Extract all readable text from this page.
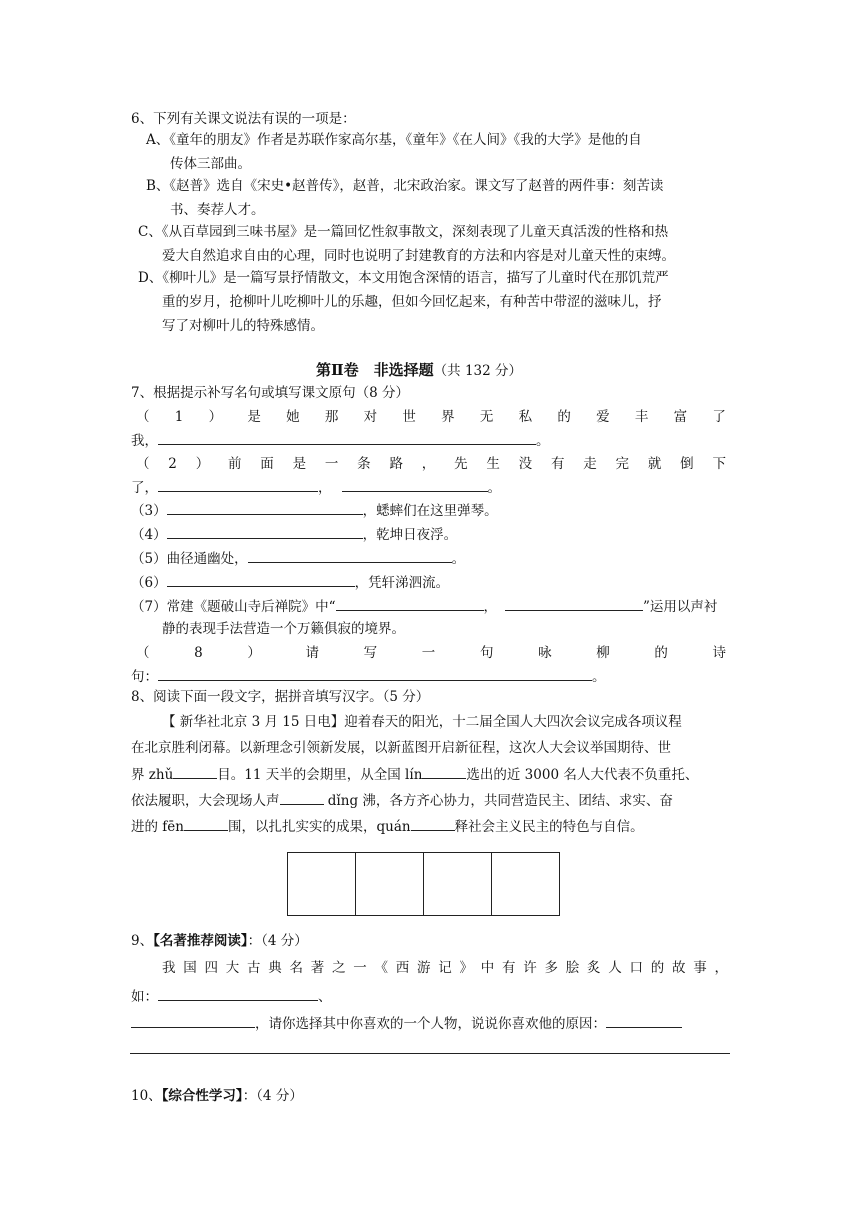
6、下列有关课文说法有误的一项是：
A、《童年的朋友》作者是苏联作家高尔基，《童年》《在人间》《我的大学》是他的自
传体三部曲。
B、《赵普》选自《宋史•赵普传》，赵普，北宋政治家。课文写了赵普的两件事：刻苦读
书、奏荐人才。
C、《从百草园到三味书屋》是一篇回忆性叙事散文，深刻表现了儿童天真活泼的性格和热
爱大自然追求自由的心理，同时也说明了封建教育的方法和内容是对儿童天性的束缚。
D、《柳叶儿》是一篇写景抒情散文，本文用饱含深情的语言，描写了儿童时代在那饥荒严
重的岁月，抢柳叶儿吃柳叶儿的乐趣，但如今回忆起来，有种苦中带涩的滋味儿，抒
写了对柳叶儿的特殊感情。
第Ⅱ卷　非选择题（共 132 分）
7、根据提示补写名句或填写课文原句（8 分）
（ 1 ） 是 她 那 对 世 界 无 私 的 爱 丰 富 了
我，	。
（ 2 ） 前 面 是 一 条 路 ， 先 生 没 有 走 完 就 倒 下
了，	，	。
（3）	，蟋蟀们在这里弹琴。
（4）	，乾坤日夜浮。
（5）曲径通幽处，	。
（6）	，凭轩涕泗流。
（7）常建《题破山寺后禅院》中“	，	”运用以声衬
静的表现手法营造一个万籁俱寂的境界。
（	8	）	请	写	一	句	咏	柳	的	诗
句：	。
8、阅读下面一段文字，据拼音填写汉字。（5 分）
【 新华社北京 3 月 15 日电】迎着春天的阳光，十二届全国人大四次会议完成各项议程
在北京胜利闭幕。以新理念引领新发展，以新蓝图开启新征程，这次人大会议举国期待、世
界 zhǔ	目。11 天半的会期里，从全国 lín	选出的近 3000 名人大代表不负重托、
依法履职，大会现场人声	dǐng 沸，各方齐心协力，共同营造民主、团结、求实、奋
进的 fēn	围，以扎扎实实的成果，quán	释社会主义民主的特色与自信。
9、【名著推荐阅读】：（4 分）
我 国 四 大 古 典 名 著 之 一 《 西 游 记 》 中 有 许 多 脍 炙 人 口 的 故 事 ，
如：	、
，请你选择其中你喜欢的一个人物，说说你喜欢他的原因：
10、【综合性学习】：（4 分）
